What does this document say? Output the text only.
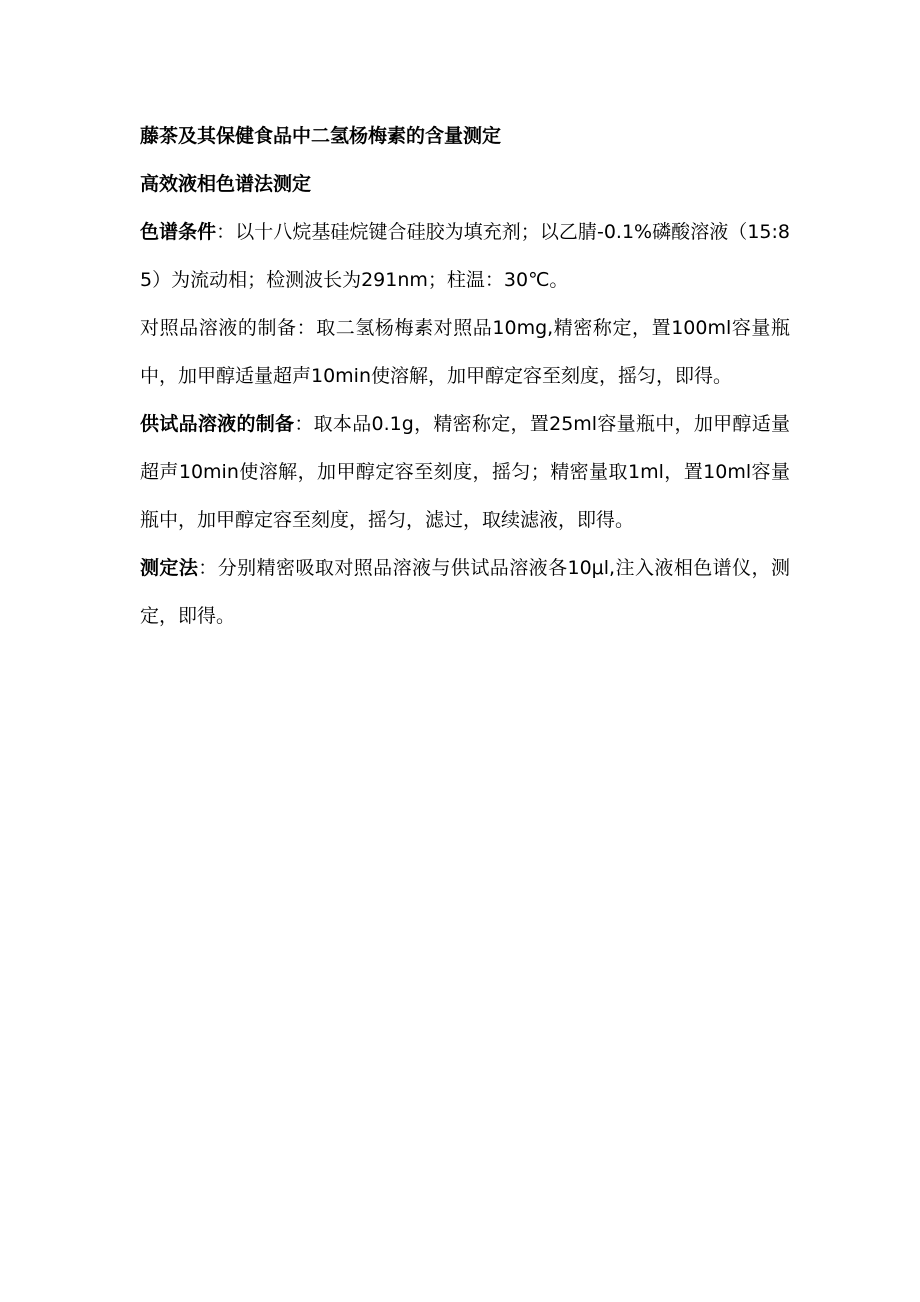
藤茶及其保健食品中二氢杨梅素的含量测定

高效液相色谱法测定

色谱条件：以十八烷基硅烷键合硅胶为填充剂；以乙腈-0.1%磷酸溶液（15:85）为流动相；检测波长为291nm；柱温：30℃。

对照品溶液的制备：取二氢杨梅素对照品10mg,精密称定，置100ml容量瓶中，加甲醇适量超声10min使溶解，加甲醇定容至刻度，摇匀，即得。

供试品溶液的制备：取本品0.1g，精密称定，置25ml容量瓶中，加甲醇适量超声10min使溶解，加甲醇定容至刻度，摇匀；精密量取1ml，置10ml容量瓶中，加甲醇定容至刻度，摇匀，滤过，取续滤液，即得。

测定法：分别精密吸取对照品溶液与供试品溶液各10μl,注入液相色谱仪，测定，即得。
